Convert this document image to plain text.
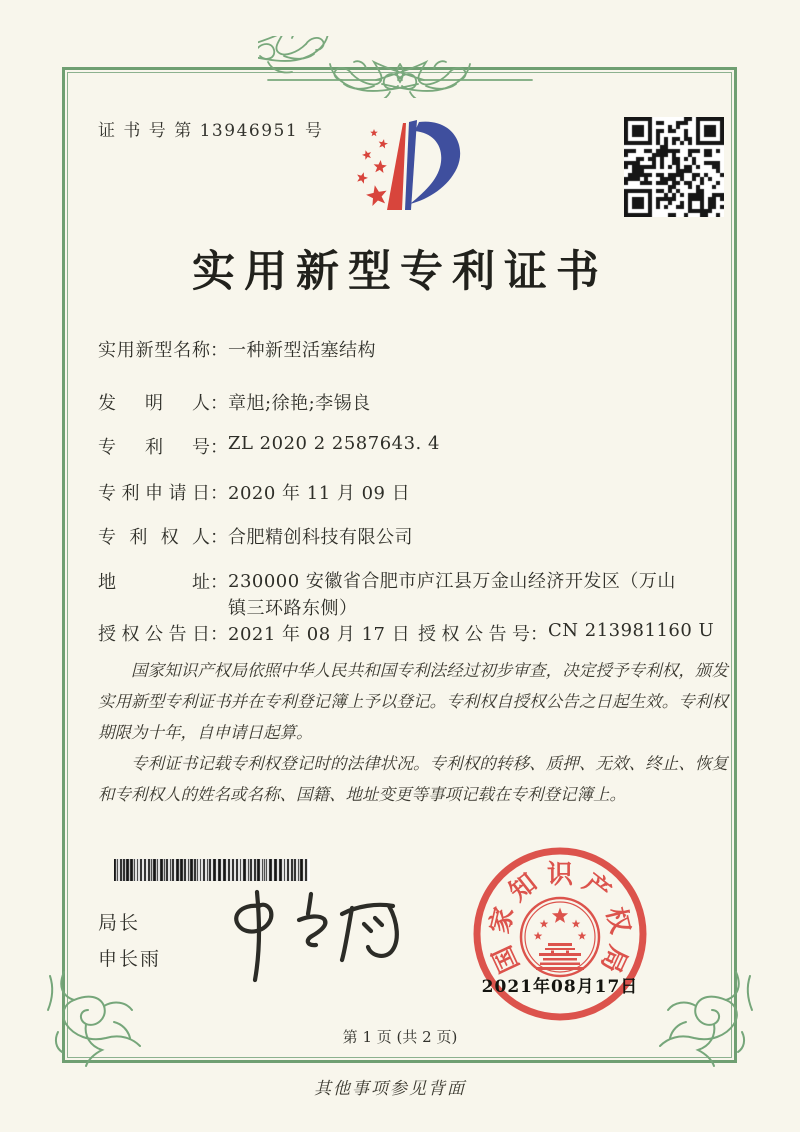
证 书 号 第 13946951 号
实用新型专利证书
实用新型名称 ： 一种新型活塞结构
发明人 ： 章旭;徐艳;李锡良
专利号 ： ZL 2020 2 2587643. 4
专利申请日 ： 2020 年 11 月 09 日
专利权人 ： 合肥精创科技有限公司
地址 ： 230000 安徽省合肥市庐江县万金山经济开发区（万山镇三环路东侧）
授权公告日 ： 2021 年 08 月 17 日 授权公告号 ： CN 213981160 U

国家知识产权局依照中华人民共和国专利法经过初步审查，决定授予专利权，颁发实用新型专利证书并在专利登记簿上予以登记。专利权自授权公告之日起生效。专利权期限为十年，自申请日起算。

专利证书记载专利权登记时的法律状况。专利权的转移、质押、无效、终止、恢复和专利权人的姓名或名称、国籍、地址变更等事项记载在专利登记簿上。

局长
申长雨	国
家
知 识 产
权
局
2021年08月17日
第 1 页 (共 2 页)
其他事项参见背面
